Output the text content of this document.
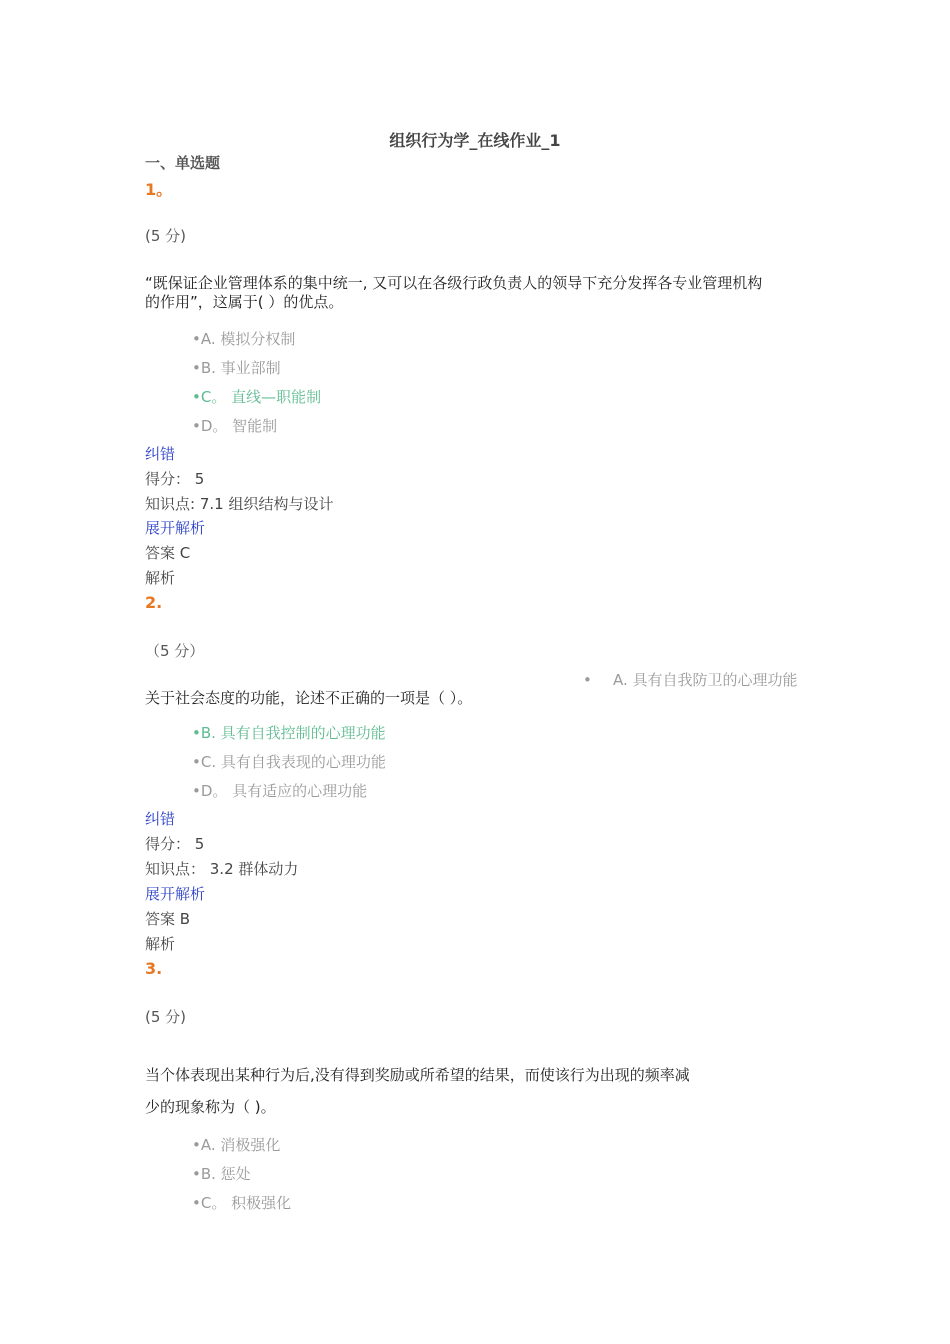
组织行为学_在线作业_1
一、单选题
1。
(5 分)
“既保证企业管理体系的集中统一, 又可以在各级行政负责人的领导下充分发挥各专业管理机构的作用”，这属于( ）的优点。
•A. 模拟分权制
•B. 事业部制
•C。 直线—职能制
•D。 智能制
纠错
得分： 5
知识点: 7.1 组织结构与设计
展开解析
答案 C
解析
2.
（5 分）
• A. 具有自我防卫的心理功能
关于社会态度的功能，论述不正确的一项是（ ）。
•B. 具有自我控制的心理功能
•C. 具有自我表现的心理功能
•D。 具有适应的心理功能
纠错
得分： 5
知识点： 3.2 群体动力
展开解析
答案 B
解析
3.
(5 分)
当个体表现出某种行为后,没有得到奖励或所希望的结果，而使该行为出现的频率减
少的现象称为（ )。
•A. 消极强化
•B. 惩处
•C。 积极强化
